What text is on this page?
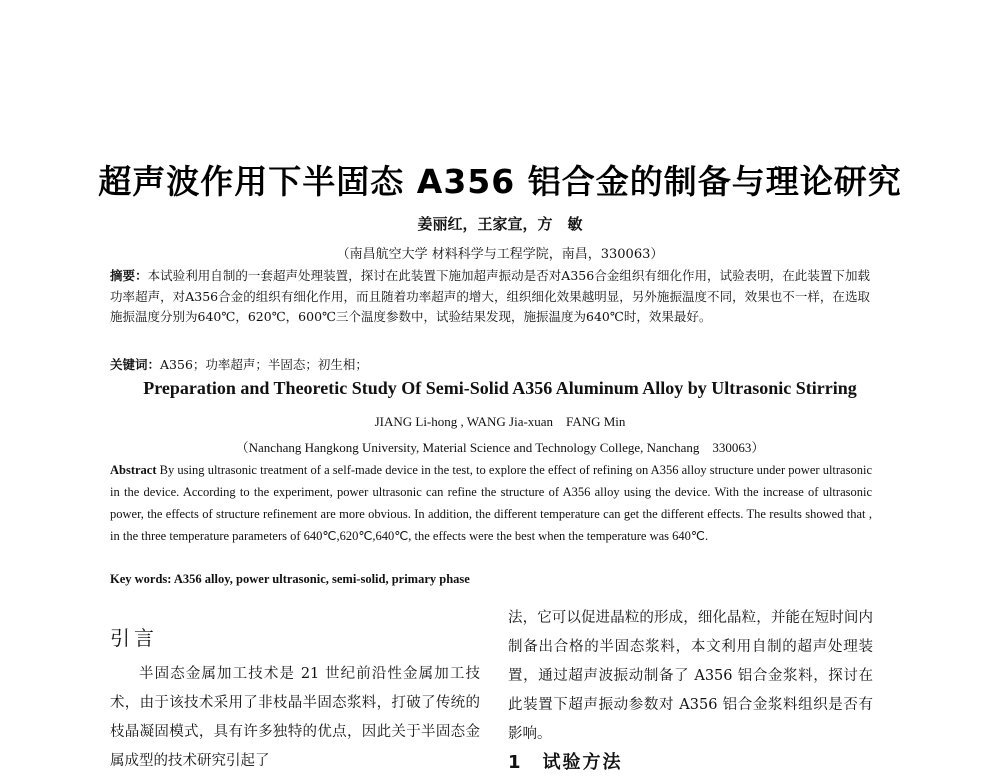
超声波作用下半固态 A356 铝合金的制备与理论研究
姜丽红，王家宣，方　敏
（南昌航空大学 材料科学与工程学院，南昌，330063）
摘要：本试验利用自制的一套超声处理装置，探讨在此装置下施加超声振动是否对A356合金组织有细化作用，试验表明，在此装置下加载功率超声，对A356合金的组织有细化作用，而且随着功率超声的增大，组织细化效果越明显，另外施振温度不同，效果也不一样，在选取施振温度分别为640℃，620℃，600℃三个温度参数中，试验结果发现，施振温度为640℃时，效果最好。
关键词：A356；功率超声；半固态；初生相；
Preparation and Theoretic Study Of Semi-Solid A356 Aluminum Alloy by Ultrasonic Stirring
JIANG Li-hong , WANG Jia-xuan　FANG Min
（Nanchang Hangkong University, Material Science and Technology College, Nanchang　330063）
Abstract By using ultrasonic treatment of a self-made device in the test, to explore the effect of refining on A356 alloy structure under power ultrasonic in the device. According to the experiment, power ultrasonic can refine the structure of A356 alloy using the device. With the increase of ultrasonic power, the effects of structure refinement are more obvious. In addition, the different temperature can get the different effects. The results showed that , in the three temperature parameters of 640℃,620℃,640℃, the effects were the best when the temperature was 640℃.
Key words: A356 alloy, power ultrasonic, semi-solid, primary phase
引言

半固态金属加工技术是 21 世纪前沿性金属加工技术，由于该技术采用了非枝晶半固态浆料，打破了传统的枝晶凝固模式，具有许多独特的优点，因此关于半固态金属成型的技术研究引起了

法，它可以促进晶粒的形成，细化晶粒，并能在短时间内制备出合格的半固态浆料，本文利用自制的超声处理装置，通过超声波振动制备了 A356 铝合金浆料，探讨在此装置下超声振动参数对 A356 铝合金浆料组织是否有影响。

1　试验方法
